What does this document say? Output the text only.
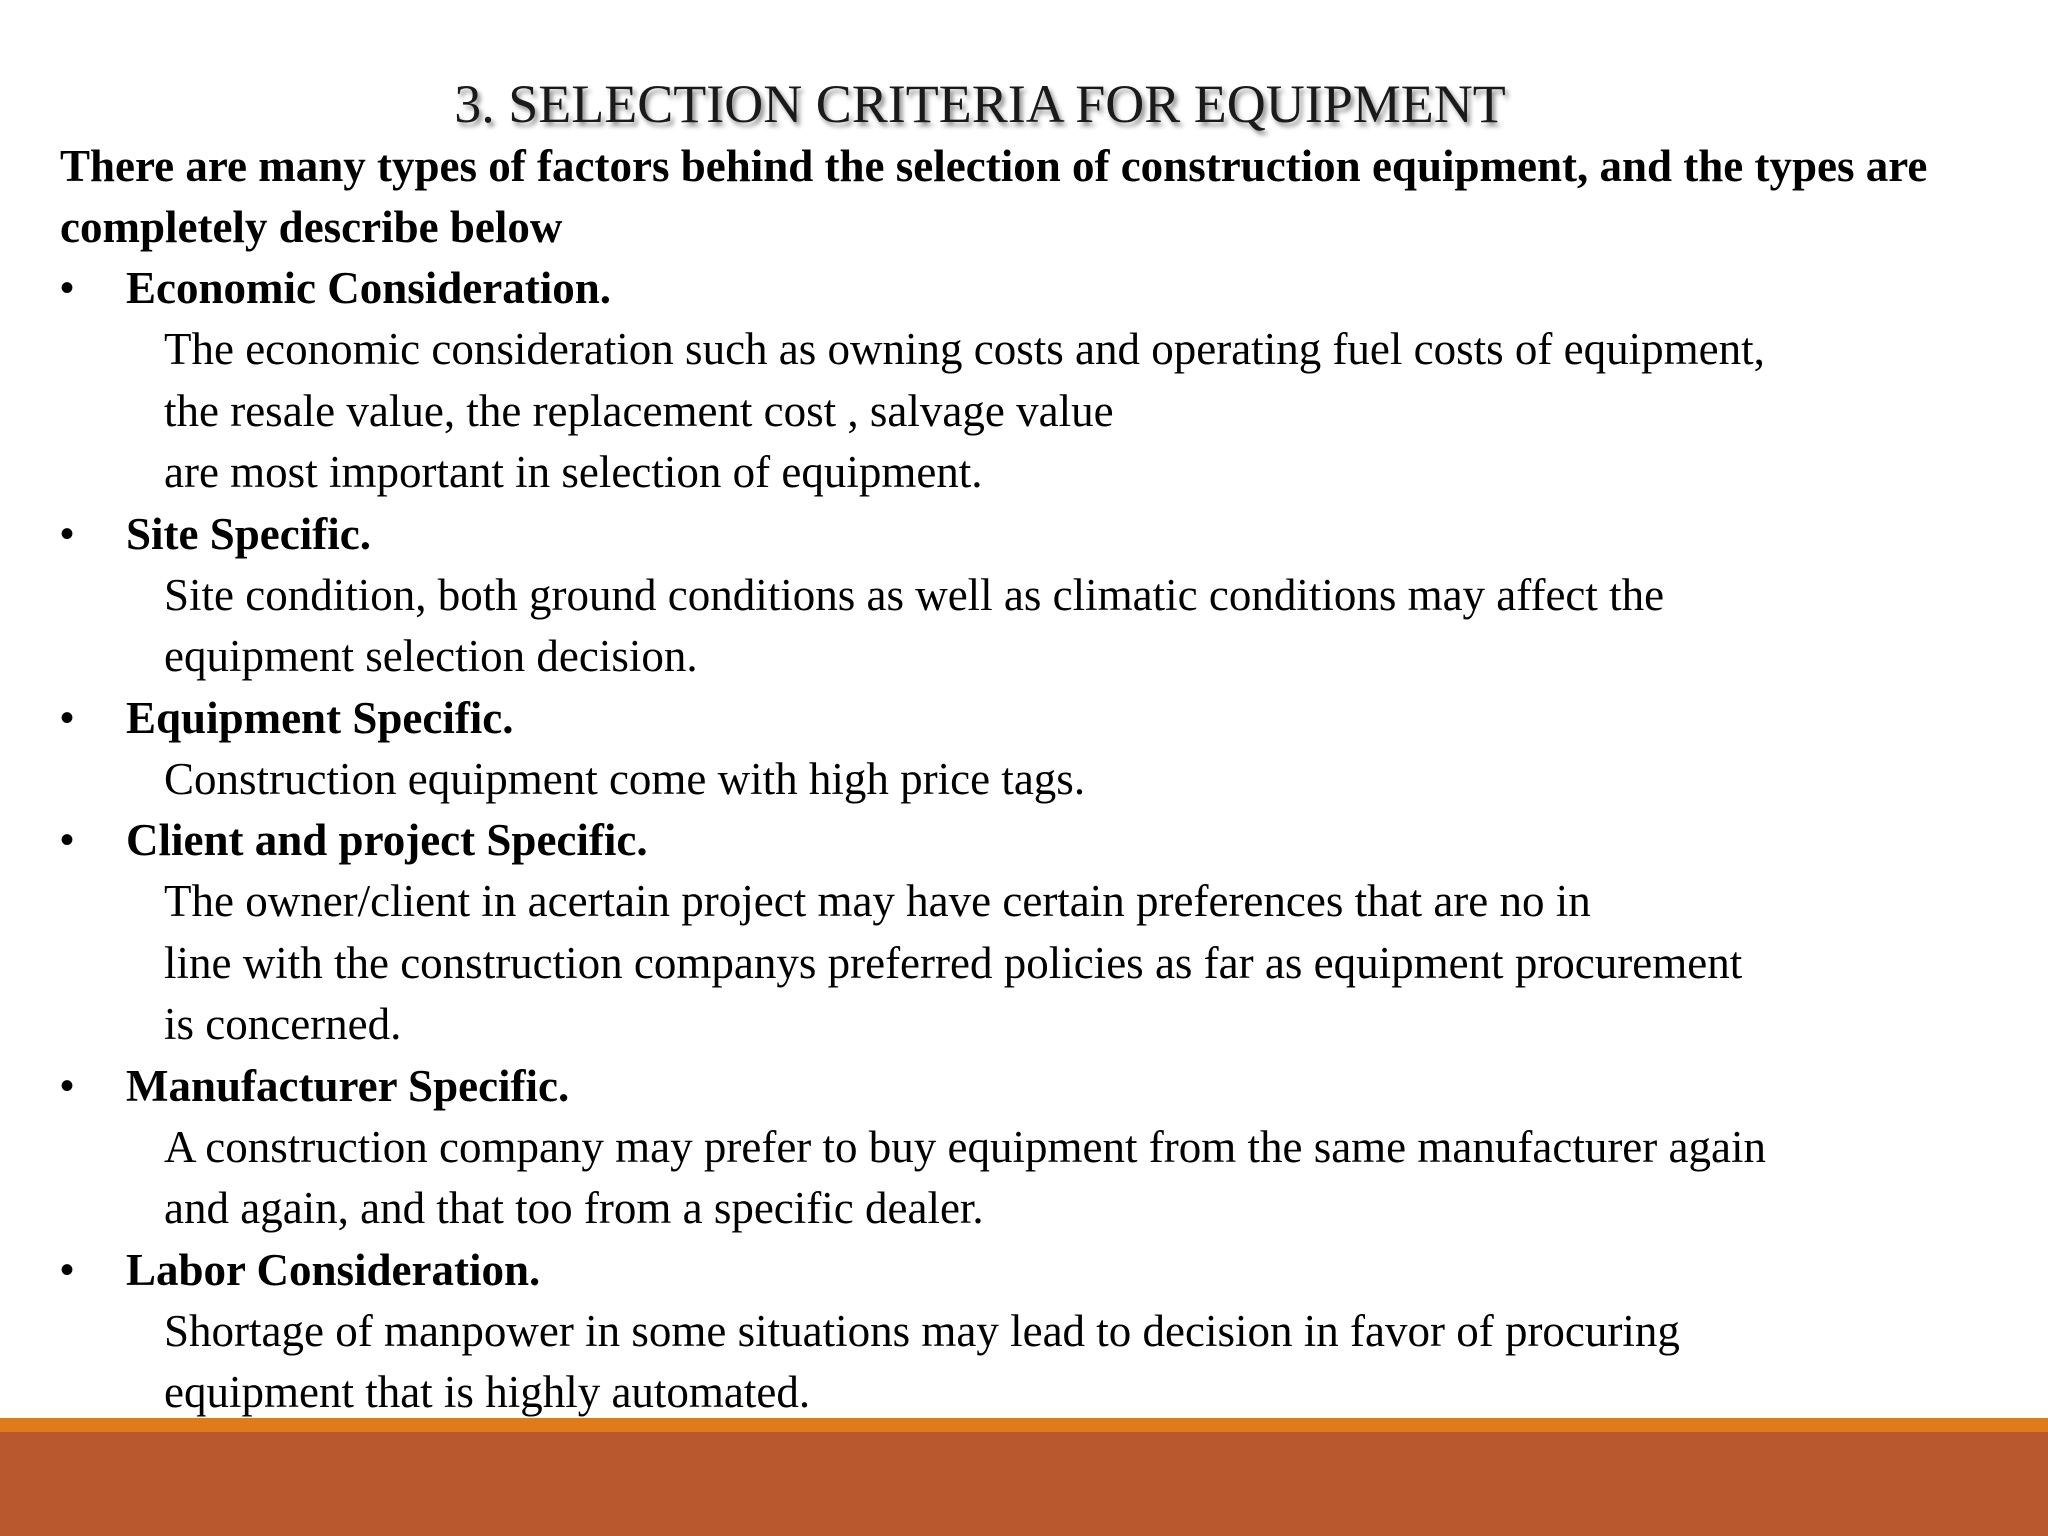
3. SELECTION CRITERIA FOR EQUIPMENT

There are many types of factors behind the selection of construction equipment, and the types are completely describe below

• Economic Consideration.
The economic consideration such as owning costs and operating fuel costs of equipment,
the resale value, the replacement cost , salvage value
are most important in selection of equipment.
• Site Specific.
Site condition, both ground conditions as well as climatic conditions may affect the
equipment selection decision.
• Equipment Specific.
Construction equipment come with high price tags.
• Client and project Specific.
The owner/client in acertain project may have certain preferences that are no in
line with the construction companys preferred policies as far as equipment procurement
is concerned.
• Manufacturer Specific.
A construction company may prefer to buy equipment from the same manufacturer again
and again, and that too from a specific dealer.
• Labor Consideration.
Shortage of manpower in some situations may lead to decision in favor of procuring
equipment that is highly automated.
